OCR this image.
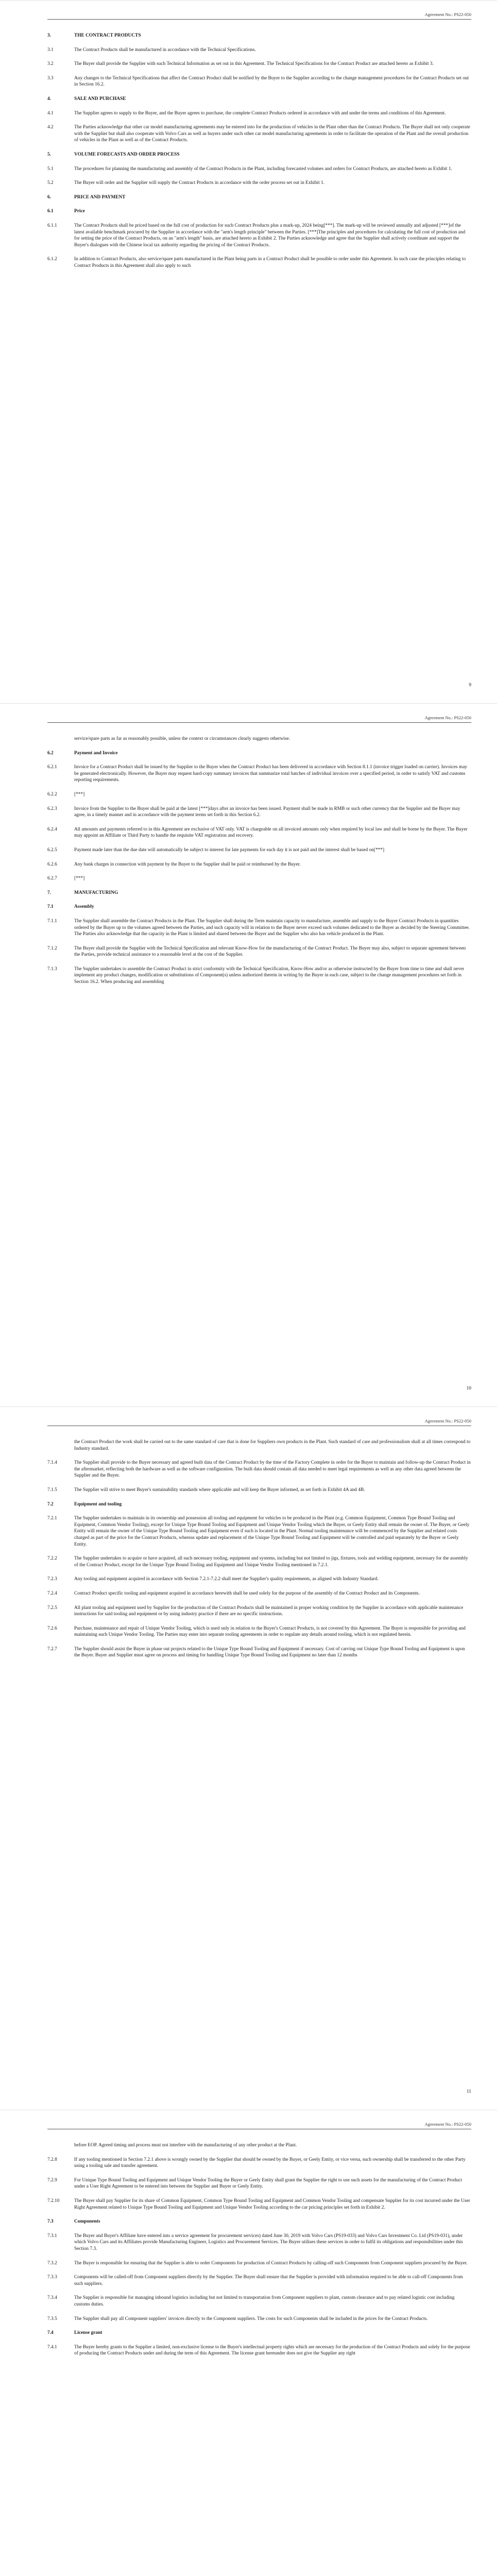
Agreement No.: PS22-050
3.	THE CONTRACT PRODUCTS
3.1	The Contract Products shall be manufactured in accordance with the Technical Specifications.
3.2	The Buyer shall provide the Supplier with such Technical Information as set out in this Agreement. The Technical Specifications for the Contract Product are attached hereto as Exhibit 3.
3.3	Any changes to the Technical Specifications that affect the Contract Product shall be notified by the Buyer to the Supplier according to the change management procedures for the Contract Products set out in Section 16.2.
4.	SALE AND PURCHASE
4.1	The Supplier agrees to supply to the Buyer, and the Buyer agrees to purchase, the complete Contract Products ordered in accordance with and under the terms and conditions of this Agreement.
4.2	The Parties acknowledge that other car model manufacturing agreements may be entered into for the production of vehicles in the Plant other than the Contract Products. The Buyer shall not only cooperate with the Supplier but shall also cooperate with Volvo Cars as well as buyers under such other car model manufacturing agreements in order to facilitate the operation of the Plant and the overall production of vehicles in the Plant as well as of the Contract Products.
5.	VOLUME FORECASTS AND ORDER PROCESS
5.1	The procedures for planning the manufacturing and assembly of the Contract Products in the Plant, including forecasted volumes and orders for Contract Products, are attached hereto as Exhibit 1.
5.2	The Buyer will order and the Supplier will supply the Contract Products in accordance with the order process set out in Exhibit 1.
6.	PRICE AND PAYMENT
6.1	Price
6.1.1	The Contract Products shall be priced based on the full cost of production for such Contract Products plus a mark-up, 2024 being[***]. The mark-up will be reviewed annually and adjusted [***]of the latest available benchmark procured by the Supplier in accordance with the "arm's length principle" between the Parties. [***]The principles and procedures for calculating the full cost of production and for setting the price of the Contract Products, on an "arm's length" basis, are attached hereto as Exhibit 2. The Parties acknowledge and agree that the Supplier shall actively coordinate and support the Buyer's dialogues with the Chinese local tax authority regarding the pricing of the Contract Products.
6.1.2	In addition to Contract Products, also service/spare parts manufactured in the Plant being parts in a Contract Product shall be possible to order under this Agreement. In such case the principles relating to Contract Products in this Agreement shall also apply to such
9
Agreement No.: PS22-050
service/spare parts as far as reasonably possible, unless the context or circumstances clearly suggests otherwise.
6.2	Payment and Invoice
6.2.1	Invoice for a Contract Product shall be issued by the Supplier to the Buyer when the Contract Product has been delivered in accordance with Section 8.1.1 (invoice trigger loaded on carrier). Invoices may be generated electronically. However, the Buyer may request hard-copy summary invoices that summarize total batches of individual invoices over a specified period, in order to satisfy VAT and customs reporting requirements.
6.2.2	[***]
6.2.3	Invoice from the Supplier to the Buyer shall be paid at the latest [***]days after an invoice has been issued. Payment shall be made in RMB or such other currency that the Supplier and the Buyer may agree, in a timely manner and in accordance with the payment terms set forth in this Section 6.2.
6.2.4	All amounts and payments referred to in this Agreement are exclusive of VAT only. VAT is chargeable on all invoiced amounts only when required by local law and shall be borne by the Buyer. The Buyer may appoint an Affiliate or Third Party to handle the requisite VAT registration and recovery.
6.2.5	Payment made later than the due date will automatically be subject to interest for late payments for each day it is not paid and the interest shall be based on[***]
6.2.6	Any bank charges in connection with payment by the Buyer to the Supplier shall be paid or reimbursed by the Buyer.
6.2.7	[***]
7.	MANUFACTURING
7.1	Assembly
7.1.1	The Supplier shall assemble the Contract Products in the Plant. The Supplier shall during the Term maintain capacity to manufacture, assemble and supply to the Buyer Contract Products in quantities ordered by the Buyer up to the volumes agreed between the Parties, and such capacity will in relation to the Buyer never exceed such volumes dedicated to the Buyer as decided by the Steering Committee. The Parties also acknowledge that the capacity in the Plant is limited and shared between the Buyer and the Supplier who also has vehicle produced in the Plant.
7.1.2	The Buyer shall provide the Supplier with the Technical Specification and relevant Know-How for the manufacturing of the Contract Product. The Buyer may also, subject to separate agreement between the Parties, provide technical assistance to a reasonable level at the cost of the Supplier.
7.1.3	The Supplier undertakes to assemble the Contract Product in strict conformity with the Technical Specification, Know-How and/or as otherwise instructed by the Buyer from time to time and shall never implement any product changes, modification or substitutions of Component(s) unless authorized therein in writing by the Buyer in each case, subject to the change management procedures set forth in Section 16.2. When producing and assembling
10
Agreement No.: PS22-050
the Contract Product the work shall be carried out to the same standard of care that is done for Suppliers own products in the Plant. Such standard of care and professionalism shall at all times correspond to Industry standard.
7.1.4	The Supplier shall provide to the Buyer necessary and agreed built data of the Contract Product by the time of the Factory Complete in order for the Buyer to maintain and follow-up the Contract Product in the aftermarket, reflecting both the hardware as well as the software configuration. The built data should contain all data needed to meet legal requirements as well as any other data agreed between the Supplier and the Buyer.
7.1.5	The Supplier will strive to meet Buyer's sustainability standards where applicable and will keep the Buyer informed, as set forth in Exhibit 4A and 4B.
7.2	Equipment and tooling
7.2.1	The Supplier undertakes to maintain in its ownership and possession all tooling and equipment for vehicles to be produced in the Plant (e.g. Common Equipment, Common Type Bound Tooling and Equipment, Common Vendor Tooling), except for Unique Type Bound Tooling and Equipment and Unique Vendor Tooling which the Buyer, or Geely Entity shall remain the owner of. The Buyer, or Geely Entity will remain the owner of the Unique Type Bound Tooling and Equipment even if such is located in the Plant. Normal tooling maintenance will be commenced by the Supplier and related costs charged as part of the price for the Contract Products, whereas update and replacement of the Unique Type Bound Tooling and Equipment will be controlled and paid separately by the Buyer or Geely Entity.
7.2.2	The Supplier undertakes to acquire or have acquired, all such necessary tooling, equipment and systems, including but not limited to jigs, fixtures, tools and welding equipment, necessary for the assembly of the Contract Product, except for the Unique Type Bound Tooling and Equipment and Unique Vendor Tooling mentioned in 7.2.1.
7.2.3	Any tooling and equipment acquired in accordance with Section 7.2.1-7.2.2 shall meet the Supplier's quality requirements, as aligned with Industry Standard.
7.2.4	Contract Product specific tooling and equipment acquired in accordance herewith shall be used solely for the purpose of the assembly of the Contract Product and its Components.
7.2.5	All plant tooling and equipment used by Supplier for the production of the Contract Products shall be maintained in proper working condition by the Supplier in accordance with applicable maintenance instructions for said tooling and equipment or by using industry practice if there are no specific instructions.
7.2.6	Purchase, maintenance and repair of Unique Vendor Tooling, which is used only in relation to the Buyer's Contract Products, is not covered by this Agreement. The Buyer is responsible for providing and maintaining such Unique Vendor Tooling. The Parties may enter into separate tooling agreements in order to regulate any details around tooling, which is not regulated herein.
7.2.7	The Supplier should assist the Buyer in phase out projects related to the Unique Type Bound Tooling and Equipment if necessary. Cost of carving out Unique Type Bound Tooling and Equipment is upon the Buyer. Buyer and Supplier must agree on process and timing for handling Unique Type Bound Tooling and Equipment no later than 12 months
11
Agreement No.: PS22-050
before EOP. Agreed timing and process must not interfere with the manufacturing of any other product at the Plant.
7.2.8	If any tooling mentioned in Section 7.2.1 above is wrongly owned by the Supplier that should be owned by the Buyer, or Geely Entity, or vice versa, such ownership shall be transferred to the other Party using a tooling sale and transfer agreement.
7.2.9	For Unique Type Bound Tooling and Equipment and Unique Vendor Tooling the Buyer or Geely Entity shall grant the Supplier the right to use such assets for the manufacturing of the Contract Product under a User Right Agreement to be entered into between the Supplier and Buyer or Geely Entity.
7.2.10	The Buyer shall pay Supplier for its share of Common Equipment, Common Type Bound Tooling and Equipment and Common Vendor Tooling and compensate Supplier for its cost incurred under the User Right Agreement related to Unique Type Bound Tooling and Equipment and Unique Vendor Tooling according to the car pricing principles set forth in Exhibit 2.
7.3	Components
7.3.1	The Buyer and Buyer's Affiliate have entered into a service agreement for procurement services) dated June 30, 2019 with Volvo Cars (PS19-033) and Volvo Cars Investment Co. Ltd (PS19-031), under which Volvo Cars and its Affiliates provide Manufacturing Engineer, Logistics and Procurement Services. The Buyer utilises these services in order to fulfil its obligations and responsibilities under this Section 7.3.
7.3.2	The Buyer is responsible for ensuring that the Supplier is able to order Components for production of Contract Products by calling-off such Components from Component suppliers procured by the Buyer.
7.3.3	Components will be called-off from Component suppliers directly by the Supplier. The Buyer shall ensure that the Supplier is provided with information required to be able to call-off Components from such suppliers.
7.3.4	The Supplier is responsible for managing inbound logistics including but not limited to transportation from Component suppliers to plant, custom clearance and to pay related logistic cost including customs duties.
7.3.5	The Supplier shall pay all Component suppliers' invoices directly to the Component suppliers. The costs for such Components shall be included in the prices for the Contract Products.
7.4	License grant
7.4.1	The Buyer hereby grants to the Supplier a limited, non-exclusive license to the Buyer's intellectual property rights which are necessary for the production of the Contract Products and solely for the purpose of producing the Contract Products under and during the term of this Agreement. The license grant hereunder does not give the Supplier any right
